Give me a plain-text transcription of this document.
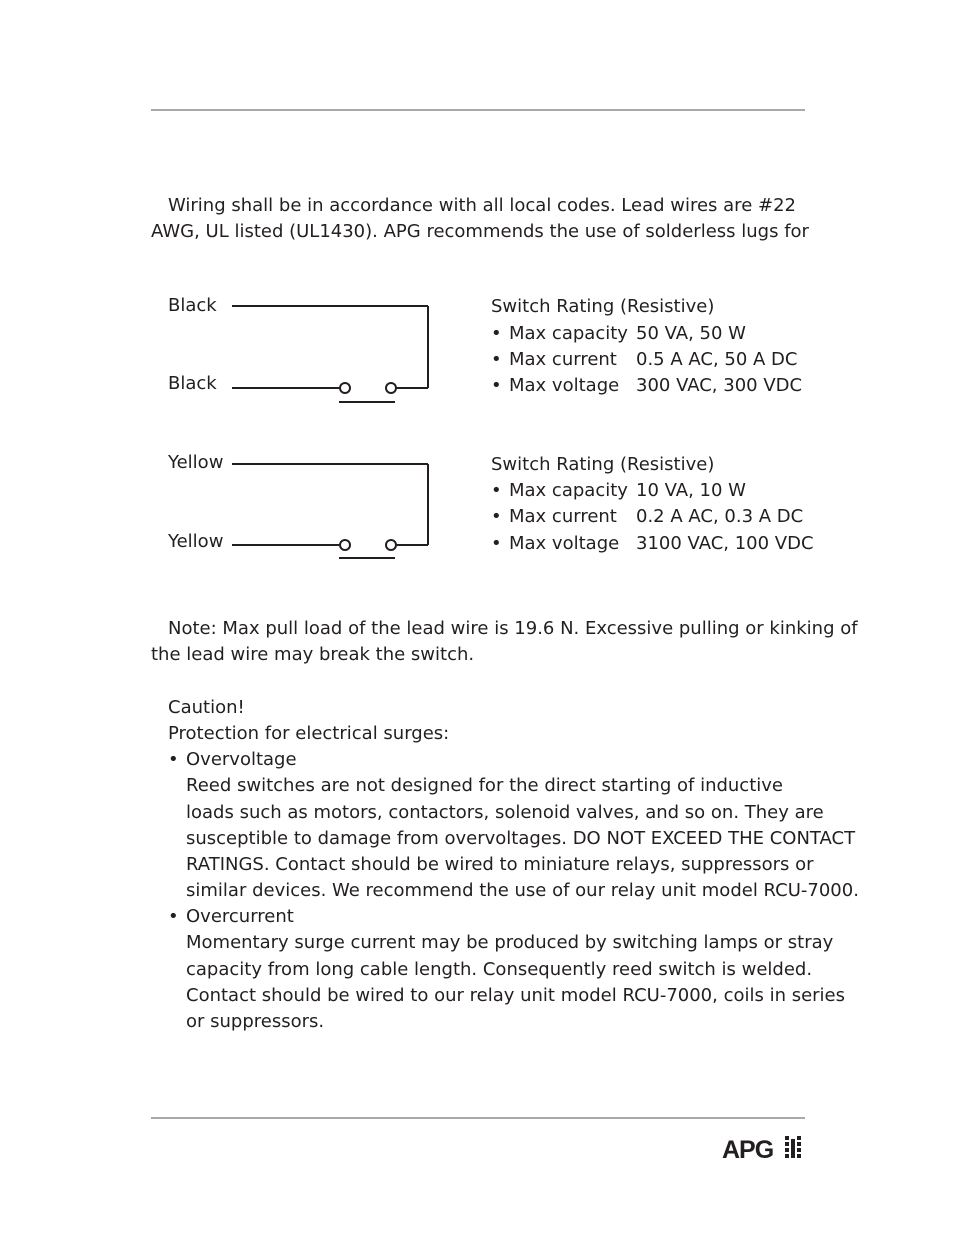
Wiring shall be in accordance with all local codes. Lead wires are #22
AWG, UL listed (UL1430). APG recommends the use of solderless lugs for
Black
Black
Switch Rating (Resistive)
• Max capacity 50 VA, 50 W
• Max current 0.5 A AC, 50 A DC
• Max voltage 300 VAC, 300 VDC
Yellow
Yellow
Switch Rating (Resistive)
• Max capacity 10 VA, 10 W
• Max current 0.2 A AC, 0.3 A DC
• Max voltage 3100 VAC, 100 VDC
Note: Max pull load of the lead wire is 19.6 N. Excessive pulling or kinking of
the lead wire may break the switch.
Caution!
Protection for electrical surges:
• Overvoltage
Reed switches are not designed for the direct starting of inductive
loads such as motors, contactors, solenoid valves, and so on. They are
susceptible to damage from overvoltages. DO NOT EXCEED THE CONTACT
RATINGS. Contact should be wired to miniature relays, suppressors or
similar devices. We recommend the use of our relay unit model RCU-7000.
• Overcurrent
Momentary surge current may be produced by switching lamps or stray
capacity from long cable length. Consequently reed switch is welded.
Contact should be wired to our relay unit model RCU-7000, coils in series
or suppressors.
APG
